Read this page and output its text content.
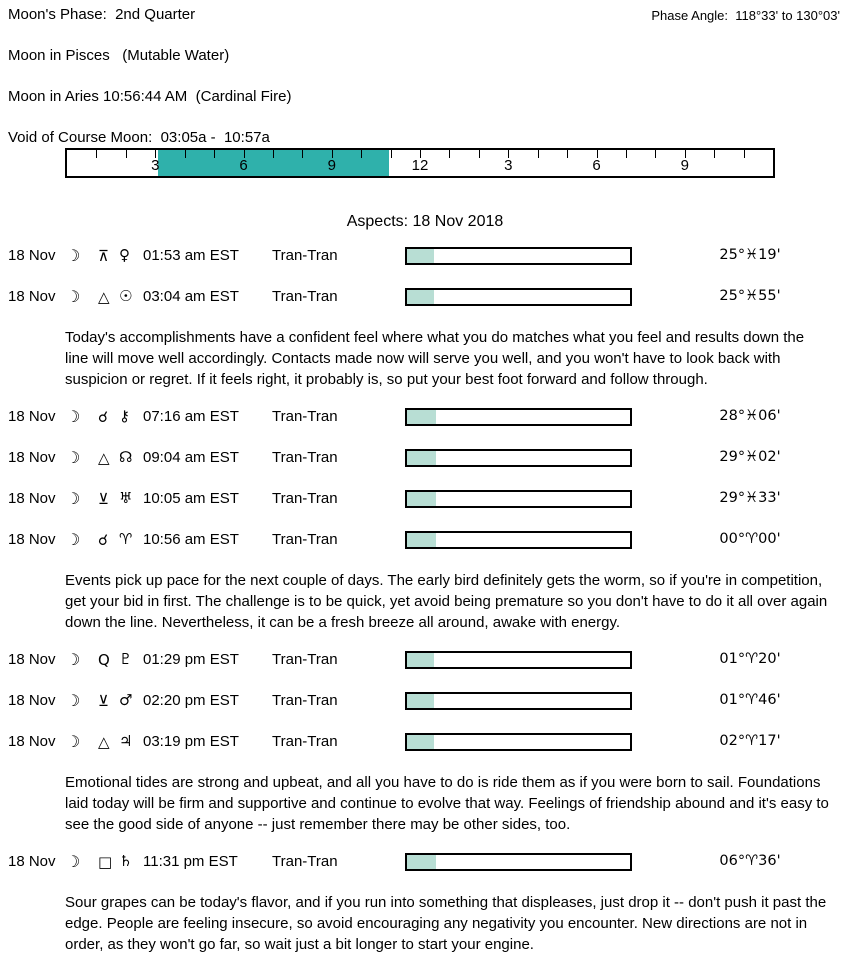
Moon's Phase:  2nd Quarter	Phase Angle:  118°33' to 130°03'
Moon in Pisces   (Mutable Water)
Moon in Aries 10:56:44 AM  (Cardinal Fire)
Void of Course Moon:  03:05a -  10:57a
3	6	9	12	3	6	9
Aspects: 18 Nov 2018
18 Nov ☽ ⊼ ♀ 01:53 am EST Tran-Tran	25°♓19'
18 Nov ☽ △ ☉ 03:04 am EST Tran-Tran	25°♓55'
Today's accomplishments have a confident feel where what you do matches what you feel and results down the line will move well accordingly. Contacts made now will serve you well, and you won't have to look back with suspicion or regret. If it feels right, it probably is, so put your best foot forward and follow through.
18 Nov ☽ ☌ ⚷ 07:16 am EST Tran-Tran	28°♓06'
18 Nov ☽ △ ☊ 09:04 am EST Tran-Tran	29°♓02'
18 Nov ☽ ⊻ ♅ 10:05 am EST Tran-Tran	29°♓33'
18 Nov ☽ ☌ ♈ 10:56 am EST Tran-Tran	00°♈00'
Events pick up pace for the next couple of days. The early bird definitely gets the worm, so if you're in competition, get your bid in first. The challenge is to be quick, yet avoid being premature so you don't have to do it all over again down the line. Nevertheless, it can be a fresh breeze all around, awake with energy.
18 Nov ☽ Q ♇ 01:29 pm EST Tran-Tran	01°♈20'
18 Nov ☽ ⊻ ♂ 02:20 pm EST Tran-Tran	01°♈46'
18 Nov ☽ △ ♃ 03:19 pm EST Tran-Tran	02°♈17'
Emotional tides are strong and upbeat, and all you have to do is ride them as if you were born to sail. Foundations laid today will be firm and supportive and continue to evolve that way. Feelings of friendship abound and it's easy to see the good side of anyone -- just remember there may be other sides, too.
18 Nov ☽ □ ♄ 11:31 pm EST Tran-Tran	06°♈36'
Sour grapes can be today's flavor, and if you run into something that displeases, just drop it -- don't push it past the edge. People are feeling insecure, so avoid encouraging any negativity you encounter. New directions are not in order, as they won't go far, so wait just a bit longer to start your engine.
